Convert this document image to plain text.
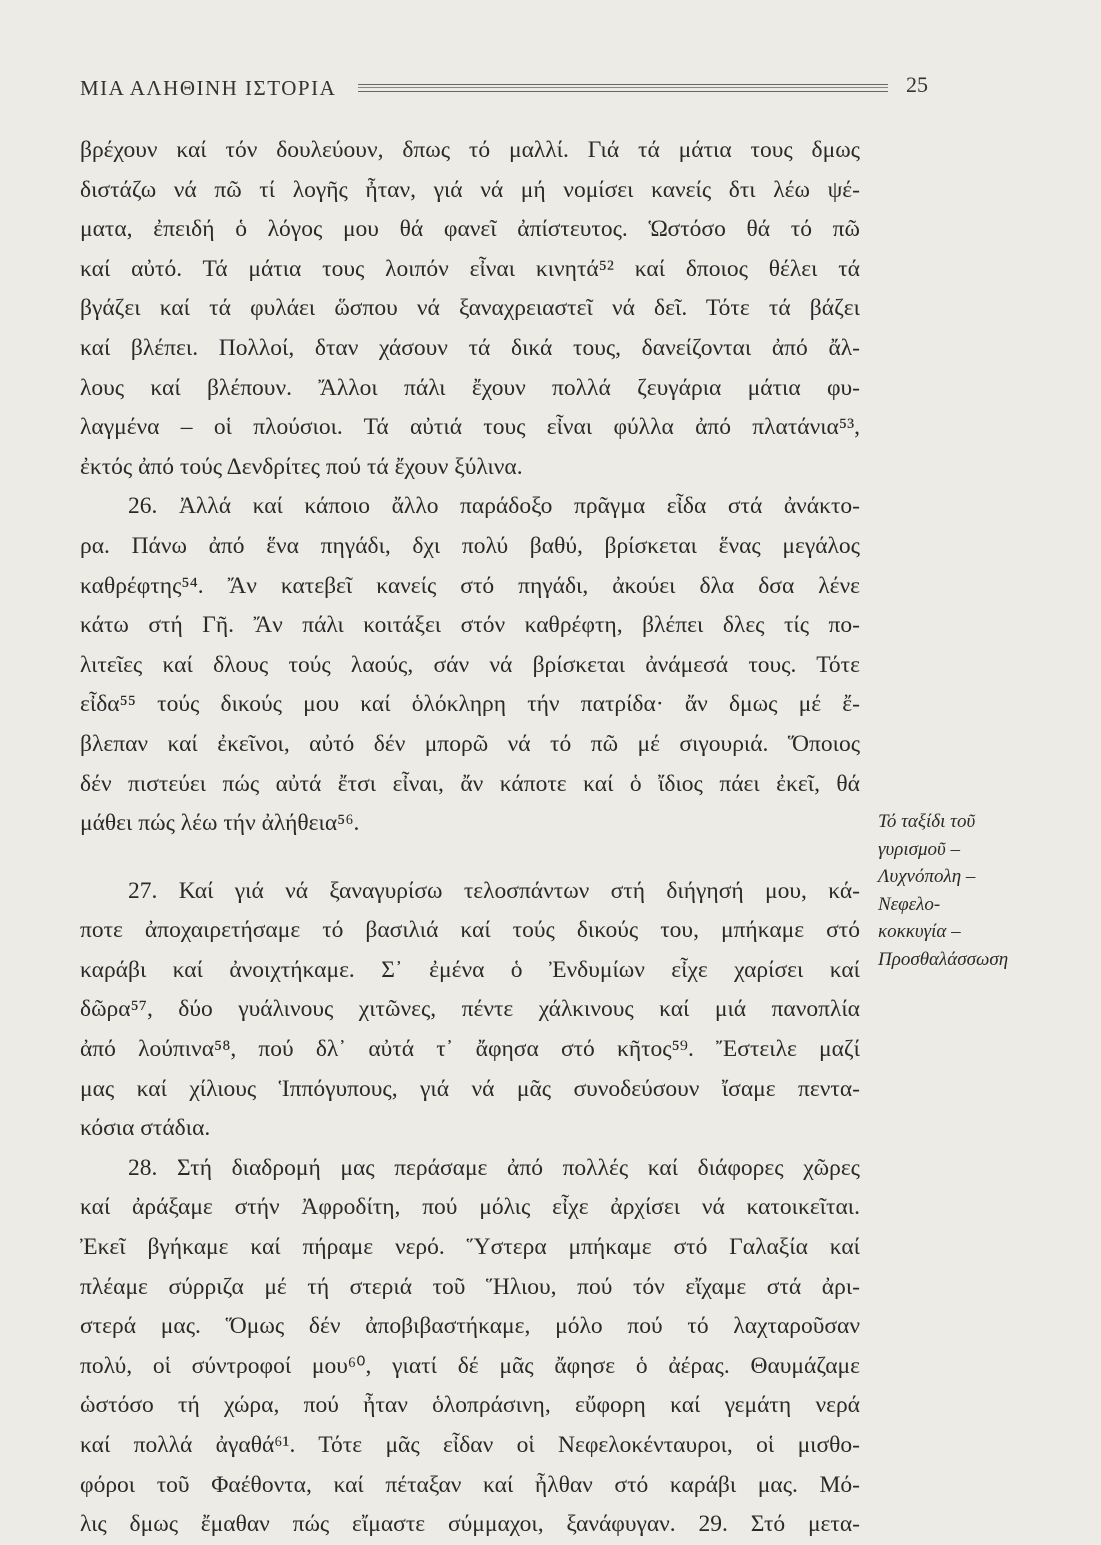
ΜΙΑ ΑΛΗΘΙΝΗ ΙΣΤΟΡΙΑ	25
βρέχουν καί τόν δουλεύουν, δπως τό μαλλί. Γιά τά μάτια τους δμως
διστάζω νά πῶ τί λογῆς ἦταν, γιά νά μή νομίσει κανείς δτι λέω ψέ-
ματα, ἐπειδή ὁ λόγος μου θά φανεῖ ἀπίστευτος. Ὡστόσο θά τό πῶ
καί αὐτό. Τά μάτια τους λοιπόν εἶναι κινητά⁵² καί δποιος θέλει τά
βγάζει καί τά φυλάει ὥσπου νά ξαναχρειαστεῖ νά δεῖ. Τότε τά βάζει
καί βλέπει. Πολλοί, δταν χάσουν τά δικά τους, δανείζονται ἀπό ἄλ-
λους καί βλέπουν. Ἄλλοι πάλι ἔχουν πολλά ζευγάρια μάτια φυ-
λαγμένα – οἱ πλούσιοι. Τά αὐτιά τους εἶναι φύλλα ἀπό πλατάνια⁵³,
ἐκτός ἀπό τούς Δενδρίτες πού τά ἔχουν ξύλινα.
26. Ἀλλά καί κάποιο ἄλλο παράδοξο πρᾶγμα εἶδα στά ἀνάκτο-
ρα. Πάνω ἀπό ἕνα πηγάδι, δχι πολύ βαθύ, βρίσκεται ἕνας μεγάλος
καθρέφτης⁵⁴. Ἄν κατεβεῖ κανείς στό πηγάδι, ἀκούει δλα δσα λένε
κάτω στή Γῆ. Ἄν πάλι κοιτάξει στόν καθρέφτη, βλέπει δλες τίς πο-
λιτεῖες καί δλους τούς λαούς, σάν νά βρίσκεται ἀνάμεσά τους. Τότε
εἶδα⁵⁵ τούς δικούς μου καί ὁλόκληρη τήν πατρίδα· ἄν δμως μέ ἔ-
βλεπαν καί ἐκεῖνοι, αὐτό δέν μπορῶ νά τό πῶ μέ σιγουριά. Ὅποιος
δέν πιστεύει πώς αὐτά ἔτσι εἶναι, ἄν κάποτε καί ὁ ἴδιος πάει ἐκεῖ, θά
μάθει πώς λέω τήν ἀλήθεια⁵⁶.
27. Καί γιά νά ξαναγυρίσω τελοσπάντων στή διήγησή μου, κά-
ποτε ἀποχαιρετήσαμε τό βασιλιά καί τούς δικούς του, μπήκαμε στό
καράβι καί ἀνοιχτήκαμε. Σ᾽ ἐμένα ὁ Ἐνδυμίων εἶχε χαρίσει καί
δῶρα⁵⁷, δύο γυάλινους χιτῶνες, πέντε χάλκινους καί μιά πανοπλία
ἀπό λούπινα⁵⁸, πού δλ᾽ αὐτά τ᾽ ἄφησα στό κῆτος⁵⁹. Ἔστειλε μαζί
μας καί χίλιους Ἱππόγυπους, γιά νά μᾶς συνοδεύσουν ἴσαμε πεντα-
κόσια στάδια.
28. Στή διαδρομή μας περάσαμε ἀπό πολλές καί διάφορες χῶρες
καί ἀράξαμε στήν Ἀφροδίτη, πού μόλις εἶχε ἀρχίσει νά κατοικεῖται.
Ἐκεῖ βγήκαμε καί πήραμε νερό. Ὕστερα μπήκαμε στό Γαλαξία καί
πλέαμε σύρριζα μέ τή στεριά τοῦ Ἥλιου, πού τόν εἴχαμε στά ἀρι-
στερά μας. Ὅμως δέν ἀποβιβαστήκαμε, μόλο πού τό λαχταροῦσαν
πολύ, οἱ σύντροφοί μου⁶⁰, γιατί δέ μᾶς ἄφησε ὁ ἀέρας. Θαυμάζαμε
ὡστόσο τή χώρα, πού ἦταν ὁλοπράσινη, εὔφορη καί γεμάτη νερά
καί πολλά ἀγαθά⁶¹. Τότε μᾶς εἶδαν οἱ Νεφελοκένταυροι, οἱ μισθο-
φόροι τοῦ Φαέθοντα, καί πέταξαν καί ἦλθαν στό καράβι μας. Μό-
λις δμως ἔμαθαν πώς εἴμαστε σύμμαχοι, ξανάφυγαν. 29. Στό μετα-
Τό ταξίδι τοῦ
γυρισμοῦ –
Λυχνόπολη –
Νεφελο-
κοκκυγία –
Προσθαλάσσωση
